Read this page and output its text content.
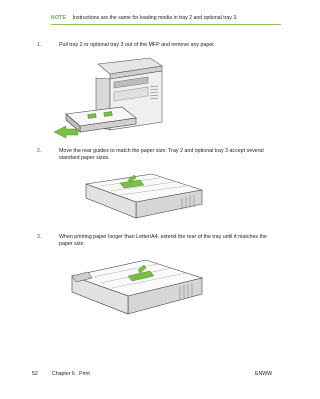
NOTE Instructions are the same for loading media in tray 2 and optional tray 3.
1.	Pull tray 2 or optional tray 3 out of the MFP and remove any paper.
2.	Move the rear guides to match the paper size. Tray 2 and optional tray 3 accept several standard paper sizes.
3.	When printing paper longer than Letter/A4, extend the rear of the tray until it matches the paper size.
52	Chapter 6   Print	ENWW
